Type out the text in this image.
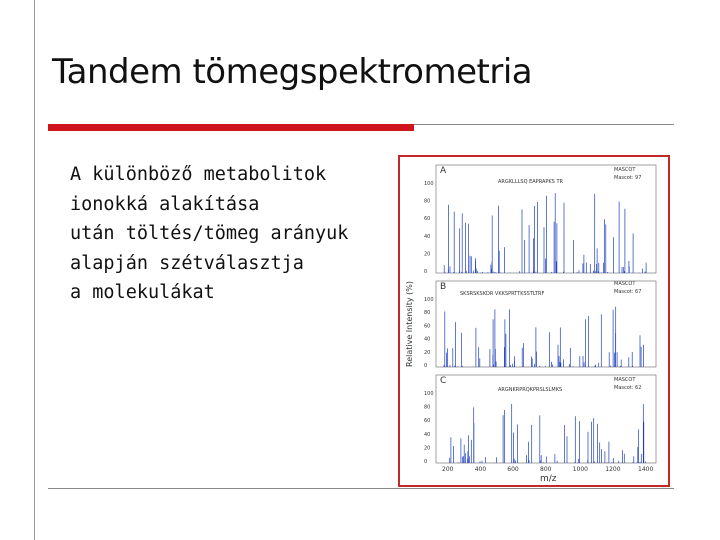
Tandem tömegspektrometria
A különböző metabolitok
ionokká alakítása
után töltés/tömeg arányuk
alapján szétválasztja
a molekulákat	Relative Intensity (%)
m/z
A
ARGKLLLSQ EAPRAPKS TR
MASCOT
Mascot: 97
B
SKSRSKSKDR VKKSPRTTKSSTLTRF
MASCOT
Mascot: 67
C
ARGNKRPRQKPRSLSLMKS
MASCOT
Mascot: 62
200	400	600	800	1000	1200	1400
100
80
60
40
20
0
100
80
60
40
20
0
100
80
60
40
20
0
